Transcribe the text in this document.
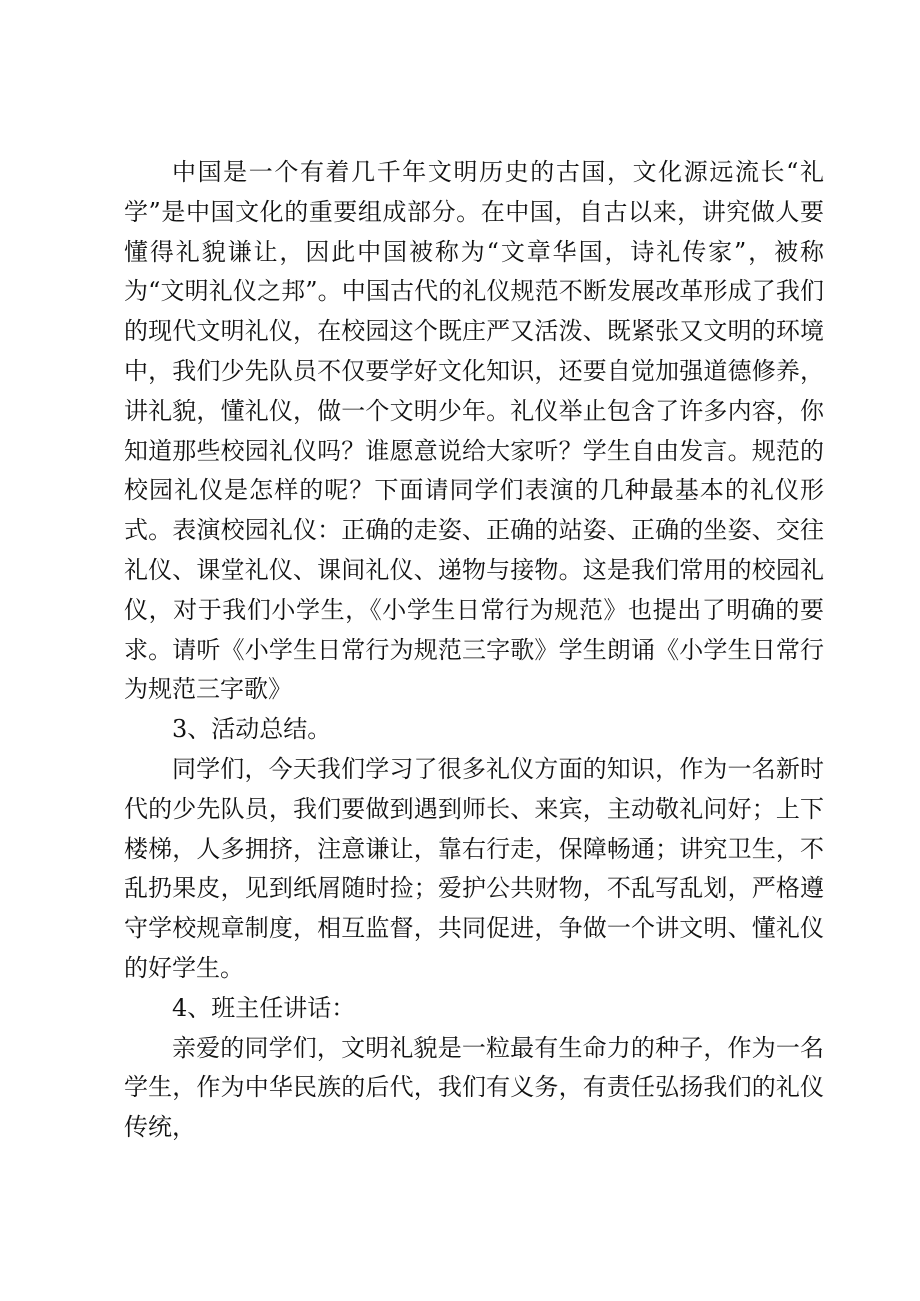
中国是一个有着几千年文明历史的古国，文化源远流长“礼学”是中国文化的重要组成部分。在中国，自古以来，讲究做人要懂得礼貌谦让，因此中国被称为“文章华国，诗礼传家”，被称为“文明礼仪之邦”。中国古代的礼仪规范不断发展改革形成了我们的现代文明礼仪，在校园这个既庄严又活泼、既紧张又文明的环境中，我们少先队员不仅要学好文化知识，还要自觉加强道德修养，讲礼貌，懂礼仪，做一个文明少年。礼仪举止包含了许多内容，你知道那些校园礼仪吗？谁愿意说给大家听？学生自由发言。规范的校园礼仪是怎样的呢？下面请同学们表演的几种最基本的礼仪形式。表演校园礼仪：正确的走姿、正确的站姿、正确的坐姿、交往礼仪、课堂礼仪、课间礼仪、递物与接物。这是我们常用的校园礼仪，对于我们小学生，《小学生日常行为规范》也提出了明确的要求。请听《小学生日常行为规范三字歌》学生朗诵《小学生日常行为规范三字歌》

3、活动总结。

同学们，今天我们学习了很多礼仪方面的知识，作为一名新时代的少先队员，我们要做到遇到师长、来宾，主动敬礼问好；上下楼梯，人多拥挤，注意谦让，靠右行走，保障畅通；讲究卫生，不乱扔果皮，见到纸屑随时捡；爱护公共财物，不乱写乱划，严格遵守学校规章制度，相互监督，共同促进，争做一个讲文明、懂礼仪的好学生。

4、班主任讲话：

亲爱的同学们，文明礼貌是一粒最有生命力的种子，作为一名学生，作为中华民族的后代，我们有义务，有责任弘扬我们的礼仪传统，
